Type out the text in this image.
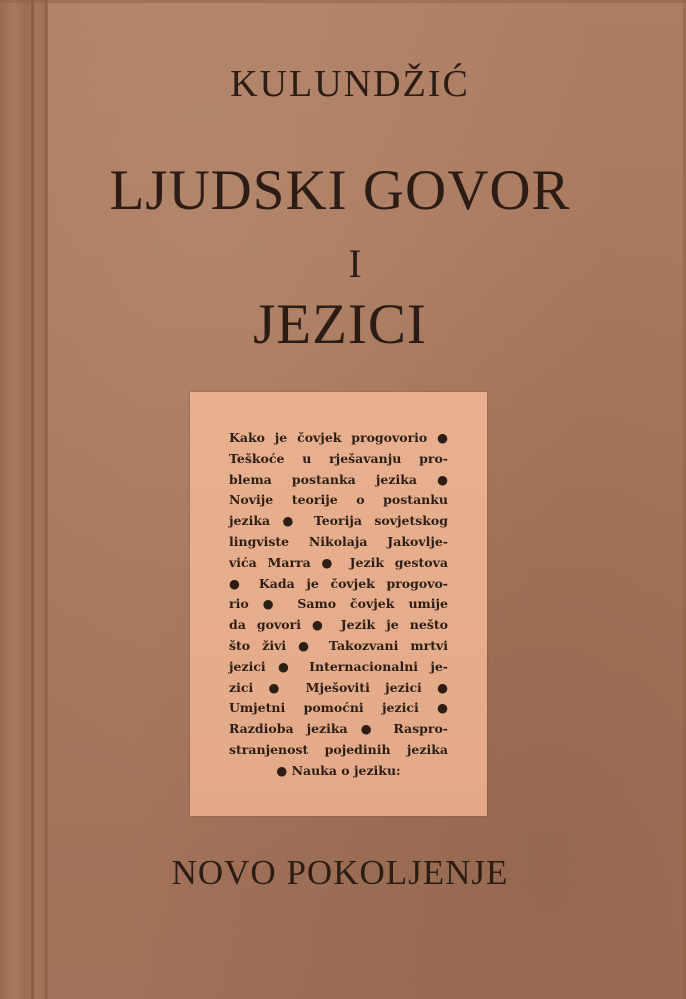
KULUNDŽIĆ
LJUDSKI GOVOR
I
JEZICI
Kako je čovjek progovorio ●
Teškoće u rješavanju pro-
blema postanka jezika ●
Novije teorije o postanku
jezika ● Teorija sovjetskog
lingviste Nikolaja Jakovlje-
vića Marra ● Jezik gestova
● Kada je čovjek progovo-
rio ● Samo čovjek umije
da govori ● Jezik je nešto
što živi ● Takozvani mrtvi
jezici ● Internacionalni je-
zici ● Mješoviti jezici ●
Umjetni pomoćni jezici ●
Razdioba jezika ● Raspro-
stranjenost pojedinih jezika
● Nauka o jeziku:
NOVO POKOLJENJE
